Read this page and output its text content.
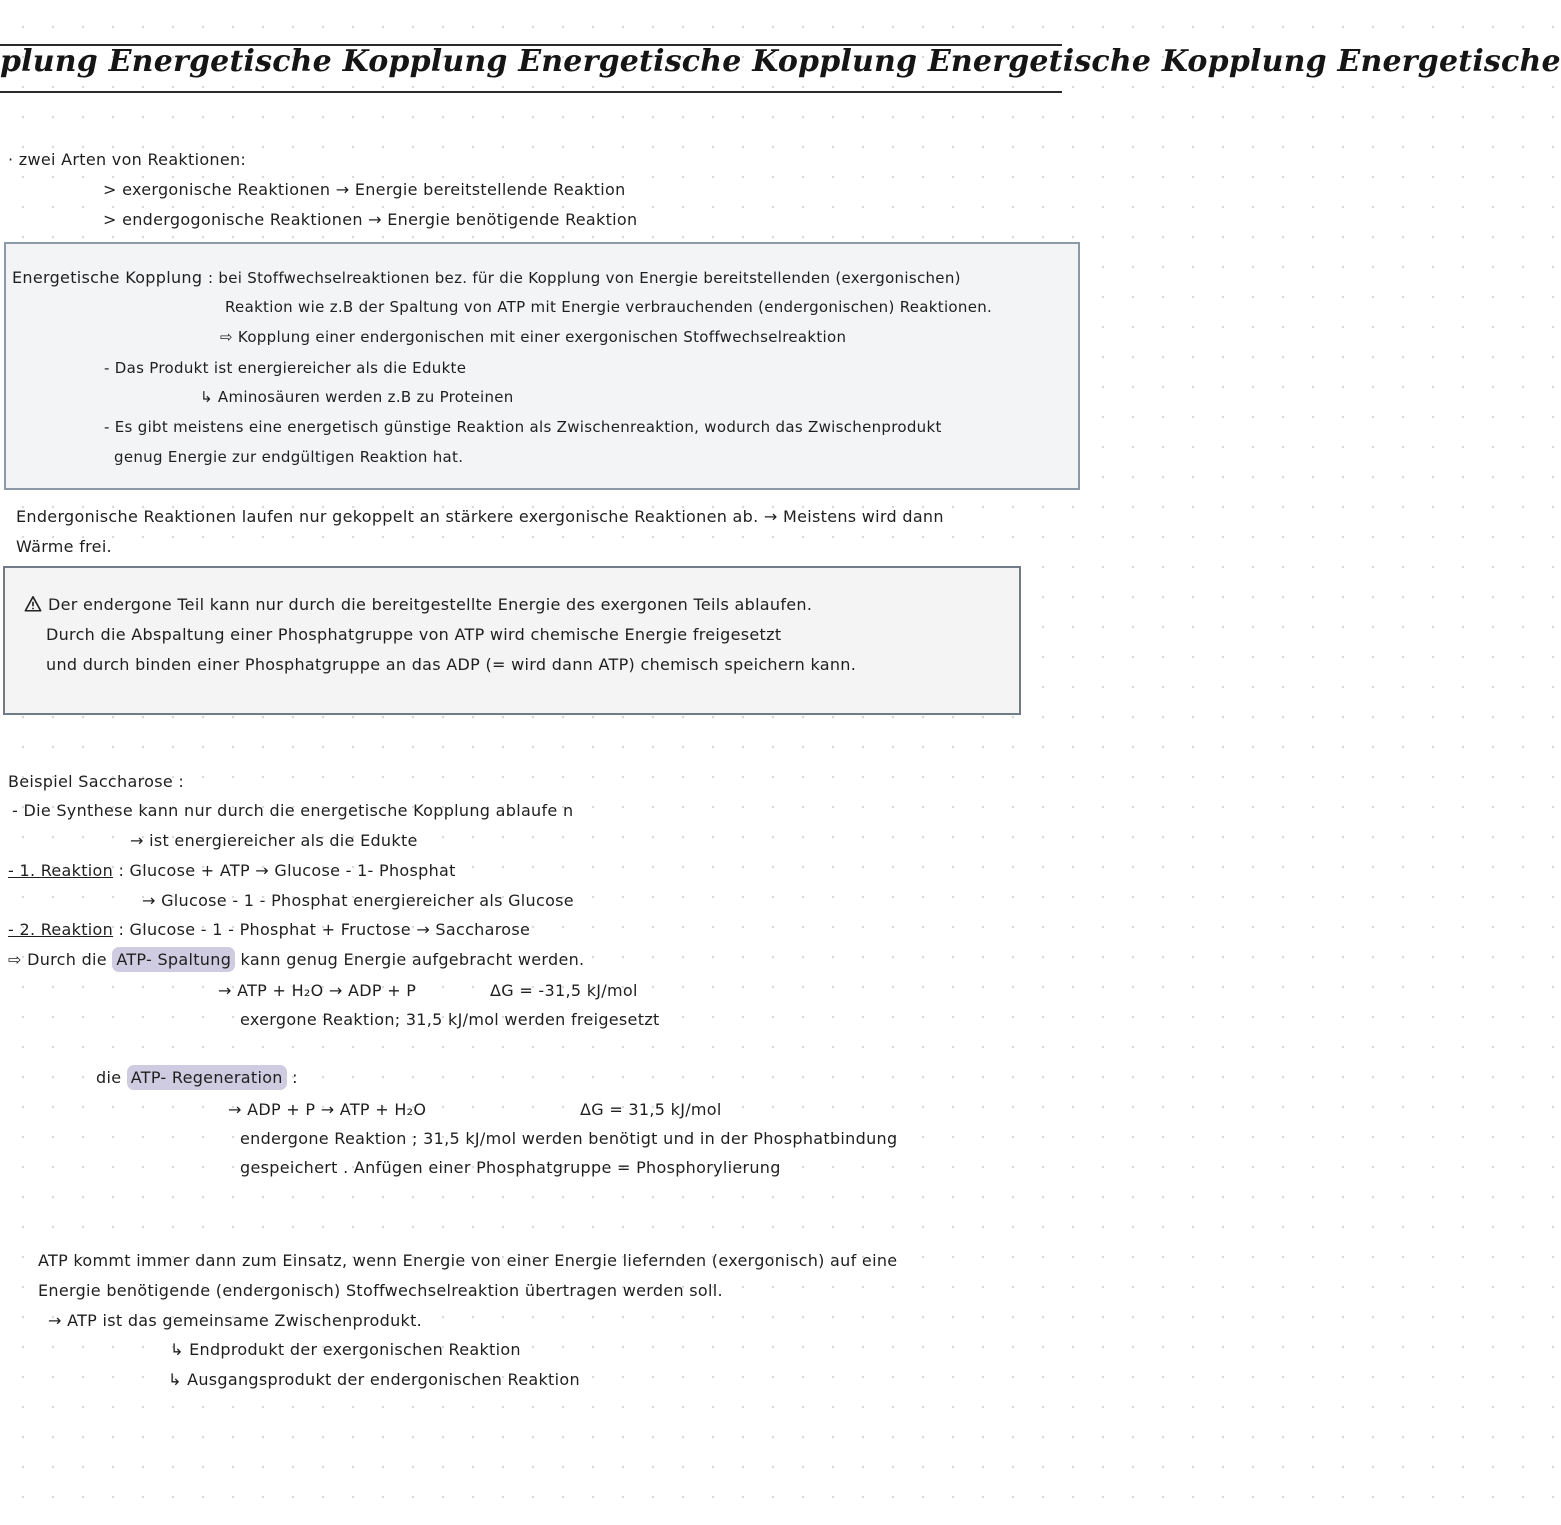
plung Energetische Kopplung Energetische Kopplung Energetische Kopplung Energetische
· zwei Arten von Reaktionen:
> exergonische Reaktionen → Energie bereitstellende Reaktion
> endergogonische Reaktionen → Energie benötigende Reaktion
Energetische Kopplung : bei Stoffwechselreaktionen bez. für die Kopplung von Energie bereitstellenden (exergonischen)
Reaktion wie z.B der Spaltung von ATP mit Energie verbrauchenden (endergonischen) Reaktionen.
⇨ Kopplung einer endergonischen mit einer exergonischen Stoffwechselreaktion
- Das Produkt ist energiereicher als die Edukte
↳ Aminosäuren werden z.B zu Proteinen
- Es gibt meistens eine energetisch günstige Reaktion als Zwischenreaktion, wodurch das Zwischenprodukt
genug Energie zur endgültigen Reaktion hat.
Endergonische Reaktionen laufen nur gekoppelt an stärkere exergonische Reaktionen ab. → Meistens wird dann
Wärme frei.
Der endergone Teil kann nur durch die bereitgestellte Energie des exergonen Teils ablaufen.
Durch die Abspaltung einer Phosphatgruppe von ATP wird chemische Energie freigesetzt
und durch binden einer Phosphatgruppe an das ADP (= wird dann ATP) chemisch speichern kann.
Beispiel Saccharose :
- Die Synthese kann nur durch die energetische Kopplung ablaufe n
→ ist energiereicher als die Edukte
- 1. Reaktion : Glucose + ATP → Glucose - 1- Phosphat
→ Glucose - 1 - Phosphat energiereicher als Glucose
- 2. Reaktion : Glucose - 1 - Phosphat + Fructose → Saccharose
⇨ Durch die ATP- Spaltung kann genug Energie aufgebracht werden.
→ ATP + H₂O → ADP + P	ΔG = -31,5 kJ/mol
exergone Reaktion; 31,5 kJ/mol werden freigesetzt
die ATP- Regeneration :
→ ADP + P → ATP + H₂O	ΔG = 31,5 kJ/mol
endergone Reaktion ; 31,5 kJ/mol werden benötigt und in der Phosphatbindung
gespeichert . Anfügen einer Phosphatgruppe = Phosphorylierung
ATP kommt immer dann zum Einsatz, wenn Energie von einer Energie liefernden (exergonisch) auf eine
Energie benötigende (endergonisch) Stoffwechselreaktion übertragen werden soll.
→ ATP ist das gemeinsame Zwischenprodukt.
↳ Endprodukt der exergonischen Reaktion
↳ Ausgangsprodukt der endergonischen Reaktion
